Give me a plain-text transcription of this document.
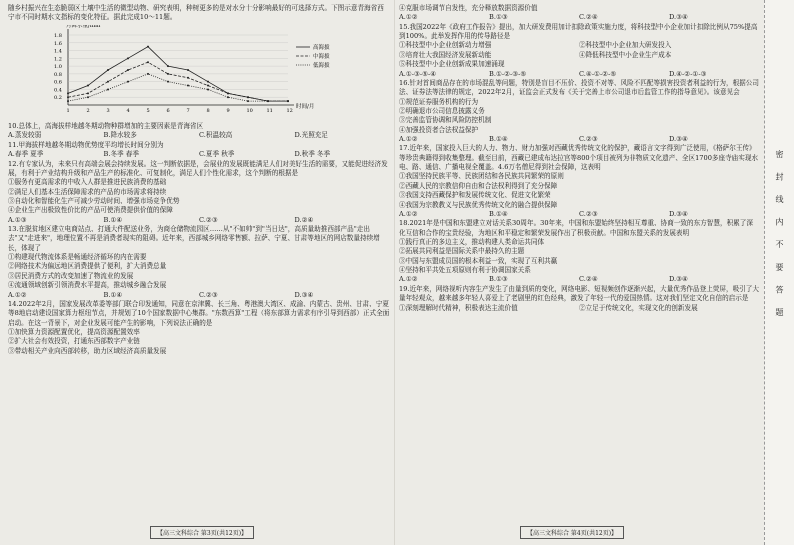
随乡村振兴在生态脆弱区土壤中生活的微型动物、研究表明，种树更多的是对水分十分影响最好的可选择方式。下图示意青海省西宁市不同时期水文指标的变化特征。据此完成10～11题。

月降水量/mm
时间/月
0.2
0.4
0.6
0.8
1.0
1.2
1.4
1.6
1.8
1	2	3	4	5	6	7	8	9	10	11	12
高海拔
中海拔
低海拔

10.总体上，高海拔样地越冬期动物种群增加的主要因素是青海省区

A.蒸发较弱	B.降水较多	C.积温较高	D.光照充足

11.甲海拔样地越冬期动物优势度平均增长时间分别为

A.春季 夏季	B.冬季 春季	C.夏季 秋季	D.秋季 冬季

12.有专家认为，未来只有高端会展会持续发展。这一判断依据是，会展业的发展既能满足人们对美好生活的需要，又能促进经济发展，有利于产业结构升级和产品生产的标准化、可复制化，满足人们个性化需求，这个判断的根据是

①服务有更高需求的中收入人群是推进民族消费的基础

②满足人们基本生活保障需求的产品的市场需求将持续

③自动化和智能化生产可减少劳动时间、增强市场竞争优势

④企业生产出极致性价比的产品可使消费提供价值的保障

A.①③	B.①④	C.②③	D.②④

13.在脱贫地区建立电商站点、打通大件配送业务，为商仓储物流园区……从"不如帅"到"当日达"，高质量助推西部产品"走出去"又"走进来"，地理位置不再是消费者现实的阻碍。近年来，西部城乡网络零售额、拉萨、宁夏、甘肃等地区的网店数量持续增长，体现了

①构建现代物流体系是畅通经济循环的内在需要

②网络技术为偏远地区消费提供了便利，扩大消费总量

③居民消费方式的改变加速了物流业的发展

④流通领域创新引领消费水平提高，推动城乡融合发展

A.①②	B.①④	C.②③	D.③④

14.2022年2月，国家发展改革委等部门联合印发通知，同意在京津冀、长三角、粤港澳大湾区、成渝、内蒙古、贵州、甘肃、宁夏等8地启动建设国家算力枢纽节点，并规划了10个国家数据中心集群。"东数西算"工程（将东部算力需求有序引导到西部）正式全面启动。在这一背景下，对企业发展可能产生的影响，下列说法正确的是

①加快算力资源配置优化，提高资源配置效率

②扩大社会有效投资，打通东西部数字产业链

③带动相关产业向西部转移，助力区域经济高质量发展

【高三文科综合 第3页(共12页)】

④克服市场调节自发性，充分释放数据资源价值

A.①②	B.①③	C.②④	D.③④

15.我国2022年《政府工作报告》提出，加大研发费用加计扣除政策实施力度，将科技型中小企业加计扣除比例从75%提高到100%。此举发挥作用的传导路径是

①科技型中小企业创新动力增强	②科技型中小企业加大研发投入
③培育壮大我国经济发展新动能	④降低科技型中小企业生产成本
⑤科技型中小企业创新成果加速涌现
A.①-③-⑤-④	B.①-②-③-⑤	C.④-①-②-⑤	D.④-②-①-③

16.针对首间商品存在的市场混乱等问题，特别是盲目不压价、投资不对等、风险不匹配等损害投资者利益的行为，根据公司法、证券法等法律的规定，2022年2月，证监会正式发布《关于完善上市公司退市后监管工作的指导意见》。该意见会

①规范证券服务机构的行为

②明确退市公司信息披露义务

③完善监管协调和风险防控机制

④加强投资者合法权益保护

A.①②	B.①④	C.②③	D.③④

17.近年来，国家投入巨大的人力、物力、财力加强对西藏优秀传统文化的保护，藏语言文字得到广泛使用，《格萨尔王传》等珍贵典籍得到收集整理。截至目前，西藏已建成布达拉宫等800个项目被列为非物质文化遗产、全区1700多座寺庙实现水电、路、通信、广播电视全覆盖。4.6万名僧尼得到社会保障，这表明

①我国坚持民族平等、民族团结和各民族共同繁荣的原则

②西藏人民的宗教信仰自由和合法权利得到了充分保障

③我国支持西藏保护和发展传统文化、促进文化繁荣

④我国为宗教教义与民族优秀传统文化的融合提供保障

A.①②	B.①④	C.②③	D.③④

18.2021年是中国和东盟建立对话关系30周年。30年来，中国和东盟始终坚持相互尊重、协商一致的东方智慧，积累了深化互信和合作的宝贵经验，为地区和平稳定和繁荣发展作出了积极贡献。中国和东盟关系的发展表明

①践行真正的多边主义，推动构建人类命运共同体

②拓展共同利益是国际关系中最持久的主题

③中国与东盟成员国的根本利益一致，实现了互利共赢

④坚持和平共处五项原则有利于协调国家关系

A.①②	B.①③	C.②④	D.③④

19.近年来，网络视听内容生产发生了由量到质的变化，网络电影、短视频创作逐渐兴起，大量优秀作品登上荧屏，吸引了大量年轻观众，越来越多年轻人喜爱上了老剧里的红色经典，激发了年轻一代的爱国热情。这对我们坚定文化自信的启示是

①深刻理解时代精神，积极表达主流价值	②立足于传统文化，实现文化的创新发展
【高三文科综合 第4页(共12页)】
密 封 线 内 不 要 答 题
